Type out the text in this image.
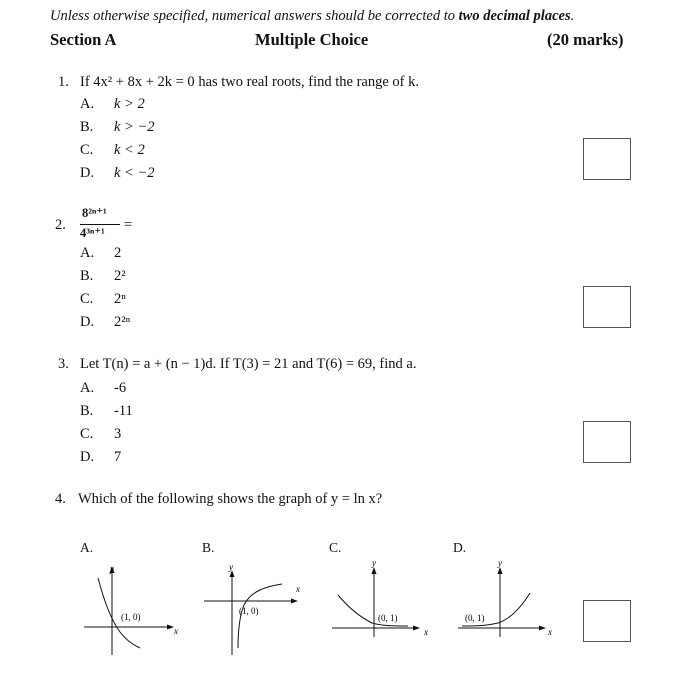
Unless otherwise specified, numerical answers should be corrected to two decimal places.
Section A	Multiple Choice	(20 marks)
1. If 4x² + 8x + 2k = 0 has two real roots, find the range of k.
A. k > 2
B. k > −2
C. k < 2
D. k < −2
2.
8²ⁿ⁺¹
4³ⁿ⁺¹ =
A. 2
B. 2²
C. 2ⁿ
D. 2²ⁿ
3. Let T(n) = a + (n − 1)d. If T(3) = 21 and T(6) = 69, find a.
A. -6
B. -11
C. 3
D. 7
4. Which of the following shows the graph of y = ln x?
A.	B.	C.	D.
y
x
(1, 0)
y
x
(1, 0)
y
x
(0, 1)
y
x
(0, 1)
